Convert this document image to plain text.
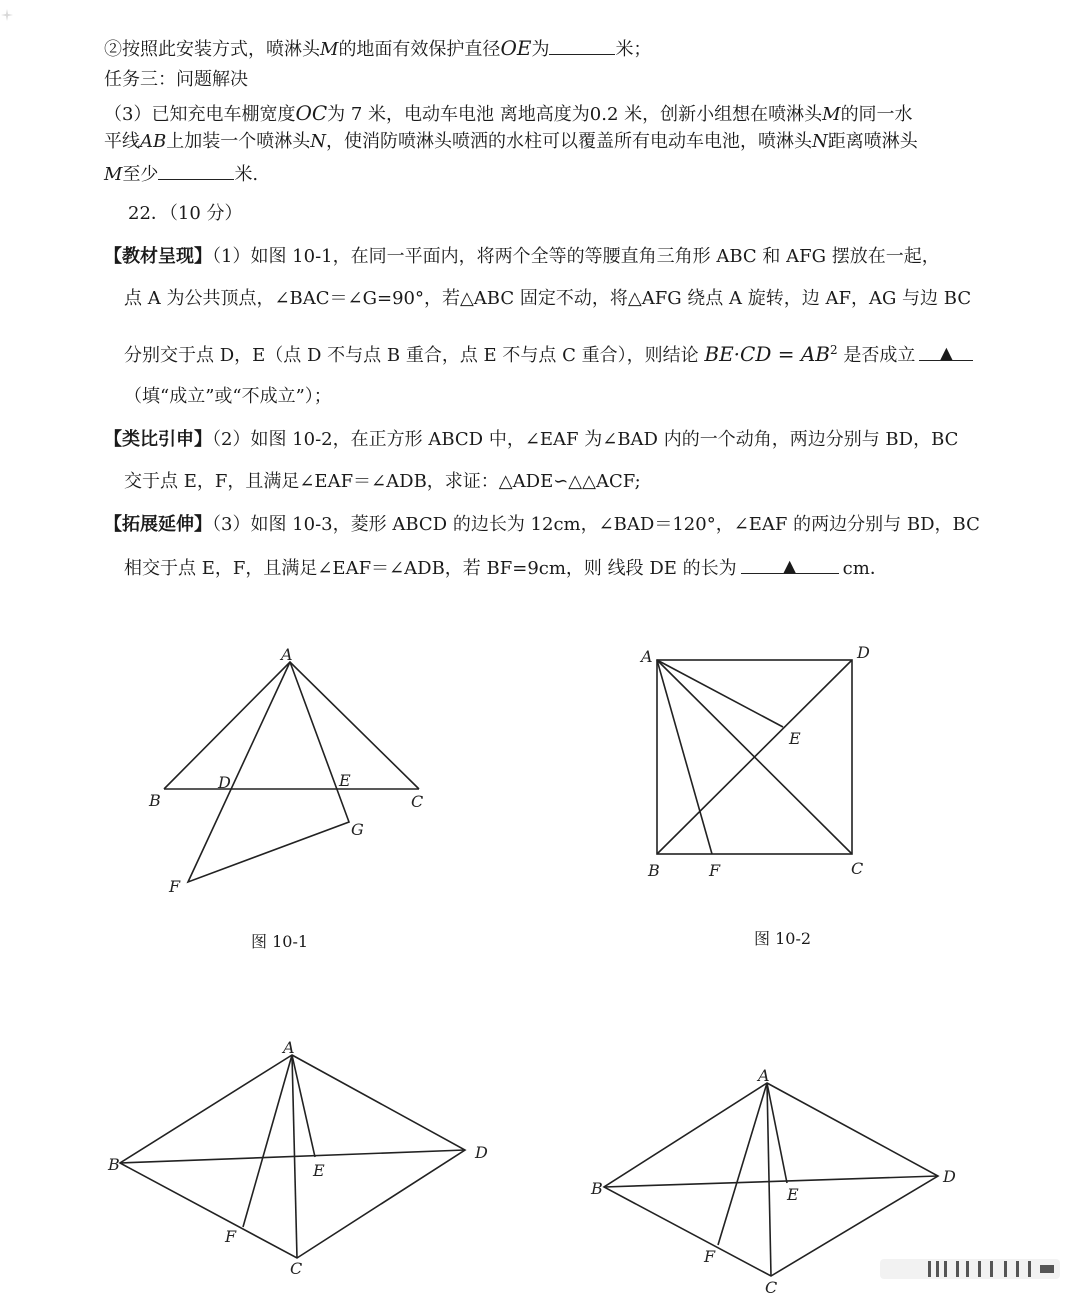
②按照此安装方式，喷淋头M的地面有效保护直径OE为	米；
任务三：问题解决
（3）已知充电车棚宽度OC为 7 米，电动车电池 离地高度为0.2 米，创新小组想在喷淋头M的同一水
平线AB上加装一个喷淋头N，使消防喷淋头喷洒的水柱可以覆盖所有电动车电池，喷淋头N距离喷淋头
M至少	米.
22．（10 分）
【教材呈现】（1）如图 10-1，在同一平面内，将两个全等的等腰直角三角形 ABC 和 AFG 摆放在一起，
点 A 为公共顶点，∠BAC＝∠G=90°，若△ABC 固定不动，将△AFG 绕点 A 旋转，边 AF，AG 与边 BC
分别交于点 D，E（点 D 不与点 B 重合，点 E 不与点 C 重合），则结论 $BE\cdot CD = AB^2$ 是否成立 ▲
（填“成立”或“不成立”）；
【类比引申】（2）如图 10-2，在正方形 ABCD 中，∠EAF 为∠BAD 内的一个动角，两边分别与 BD，BC
交于点 E，F，且满足∠EAF＝∠ADB，求证：△ADE∽△△ACF;
【拓展延伸】（3）如图 10-3，菱形 ABCD 的边长为 12cm，∠BAD＝120°，∠EAF 的两边分别与 BD，BC
相交于点 E，F，且满足∠EAF＝∠ADB，若 BF=9cm，则 线段 DE 的长为	▲	cm．
A
B	C
D	E
F
G
A
B	C
D
E
F
A
B
C
D
E
F
A
B
C
D
E
F
图 10-1	图 10-2
